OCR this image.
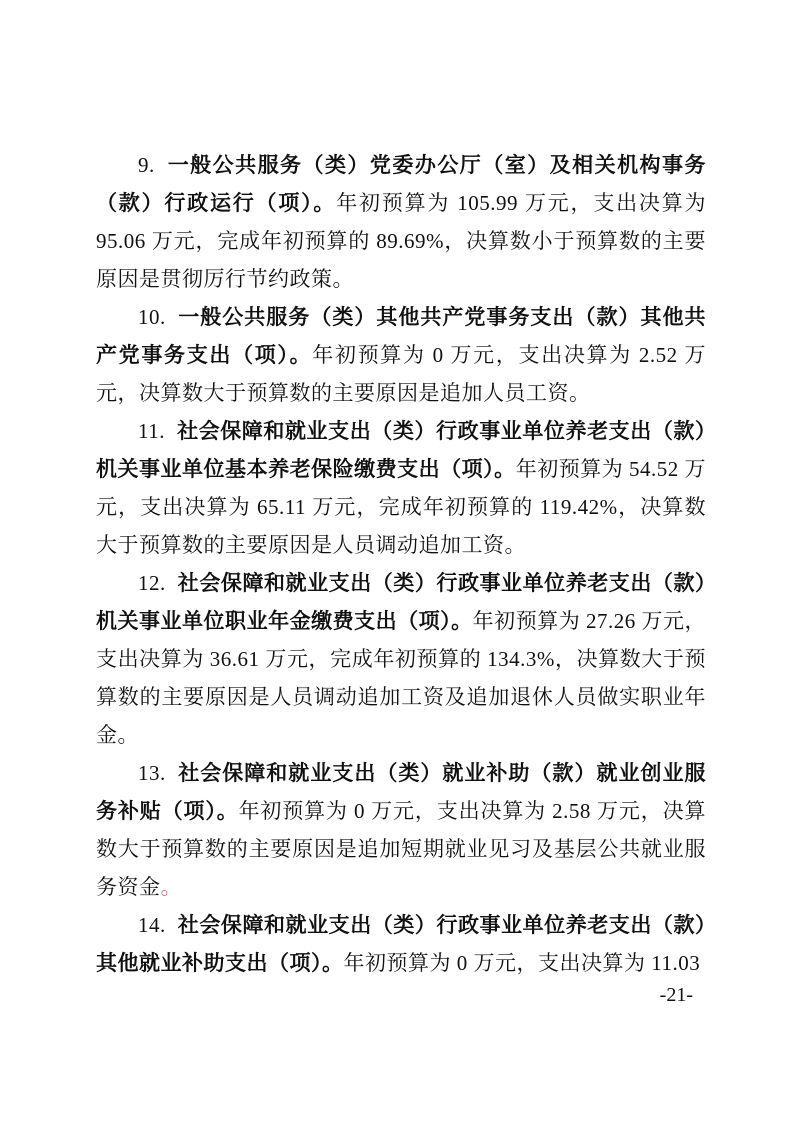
9. 一般公共服务（类）党委办公厅（室）及相关机构事务（款）行政运行（项）。年初预算为 105.99 万元，支出决算为 95.06 万元，完成年初预算的 89.69%，决算数小于预算数的主要原因是贯彻厉行节约政策。

10. 一般公共服务（类）其他共产党事务支出（款）其他共产党事务支出（项）。年初预算为 0 万元，支出决算为 2.52 万元，决算数大于预算数的主要原因是追加人员工资。

11. 社会保障和就业支出（类）行政事业单位养老支出（款）机关事业单位基本养老保险缴费支出（项）。年初预算为 54.52 万元，支出决算为 65.11 万元，完成年初预算的 119.42%，决算数大于预算数的主要原因是人员调动追加工资。

12. 社会保障和就业支出（类）行政事业单位养老支出（款）机关事业单位职业年金缴费支出（项）。年初预算为 27.26 万元，支出决算为 36.61 万元，完成年初预算的 134.3%，决算数大于预算数的主要原因是人员调动追加工资及追加退休人员做实职业年金。

13. 社会保障和就业支出（类）就业补助（款）就业创业服务补贴（项）。年初预算为 0 万元，支出决算为 2.58 万元，决算数大于预算数的主要原因是追加短期就业见习及基层公共就业服务资金。

14. 社会保障和就业支出（类）行政事业单位养老支出（款）其他就业补助支出（项）。年初预算为 0 万元，支出决算为 11.03

-21-
